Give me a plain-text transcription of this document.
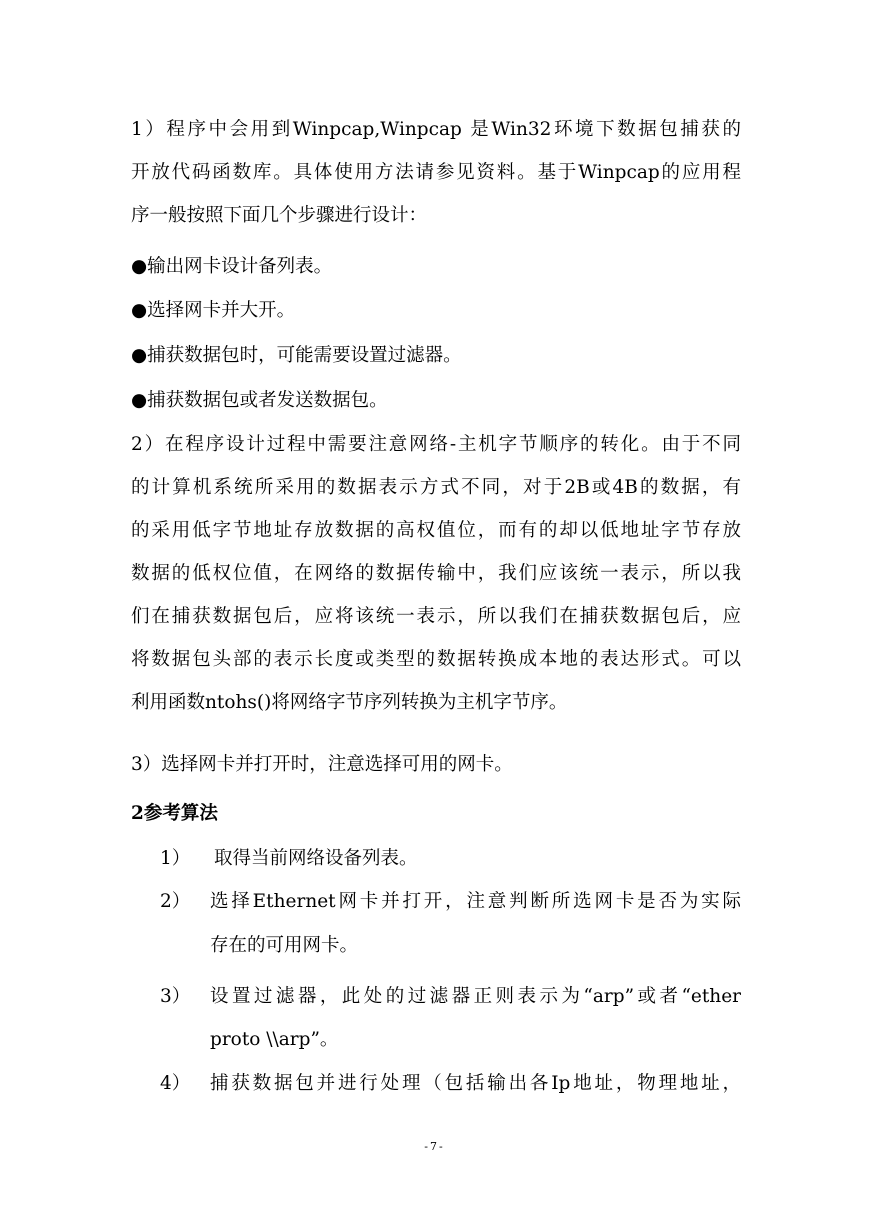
1）程序中会用到Winpcap,Winpcap 是Win32环境下数据包捕获的
开放代码函数库。具体使用方法请参见资料。基于Winpcap的应用程
序一般按照下面几个步骤进行设计：
●输出网卡设计备列表。
●选择网卡并大开。
●捕获数据包时，可能需要设置过滤器。
●捕获数据包或者发送数据包。
2）在程序设计过程中需要注意网络-主机字节顺序的转化。由于不同
的计算机系统所采用的数据表示方式不同，对于2B或4B的数据，有
的采用低字节地址存放数据的高权值位，而有的却以低地址字节存放
数据的低权位值，在网络的数据传输中，我们应该统一表示，所以我
们在捕获数据包后，应将该统一表示，所以我们在捕获数据包后，应
将数据包头部的表示长度或类型的数据转换成本地的表达形式。可以
利用函数ntohs()将网络字节序列转换为主机字节序。
3）选择网卡并打开时，注意选择可用的网卡。
2参考算法
1） 取得当前网络设备列表。
2） 选择Ethernet网卡并打开，注意判断所选网卡是否为实际
存在的可用网卡。
3） 设置过滤器，此处的过滤器正则表示为“arp”或者“ether
proto \\arp”。
4） 捕获数据包并进行处理（包括输出各Ip地址，物理地址，
-7-
